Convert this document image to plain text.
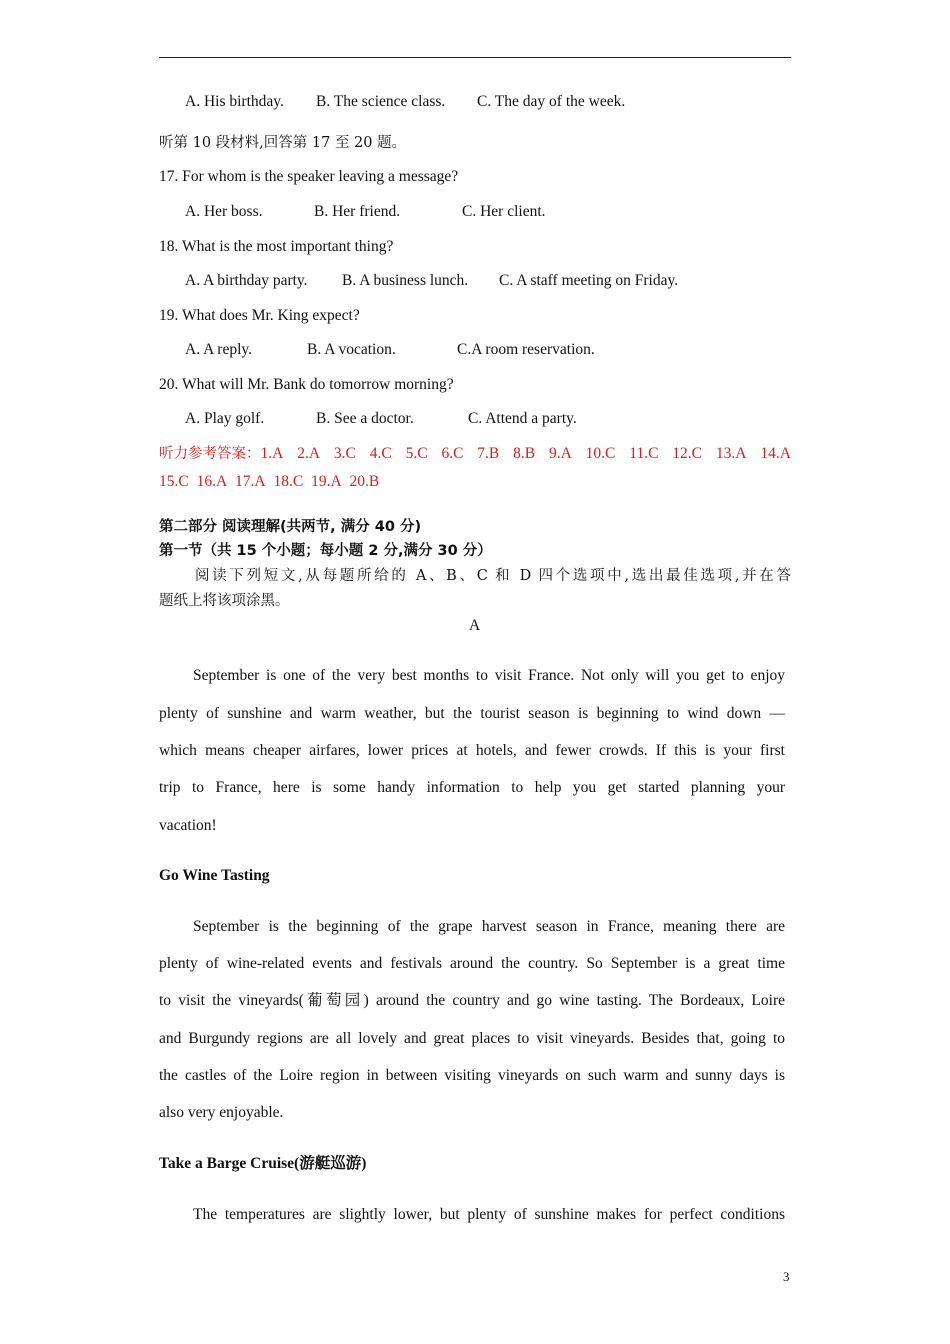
A. His birthday. B. The science class. C. The day of the week.
听第 10 段材料,回答第 17 至 20 题。
17. For whom is the speaker leaving a message?
A. Her boss.	B. Her friend.	C. Her client.
18. What is the most important thing?
A. A birthday party. B. A business lunch. C. A staff meeting on Friday.
19. What does Mr. King expect?
A. A reply.	B. A vocation.	C.A room reservation.
20. What will Mr. Bank do tomorrow morning?
A. Play golf.	B. See a doctor.	C. Attend a party.
听力参考答案：1.A 2.A 3.C 4.C 5.C 6.C 7.B 8.B 9.A 10.C 11.C 12.C 13.A 14.A
15.C 16.A 17.A 18.C 19.A 20.B
第二部分 阅读理解(共两节, 满分 40 分)
第一节（共 15 个小题；每小题 2 分,满分 30 分）
阅读下列短文,从每题所给的 A、B、C 和 D 四个选项中,选出最佳选项,并在答
题纸上将该项涂黑。
A
September is one of the very best months to visit France. Not only will you get to enjoy
plenty of sunshine and warm weather, but the tourist season is beginning to wind down —
which means cheaper airfares, lower prices at hotels, and fewer crowds. If this is your first
trip to France, here is some handy information to help you get started planning your
vacation!
Go Wine Tasting
September is the beginning of the grape harvest season in France, meaning there are
plenty of wine-related events and festivals around the country. So September is a great time
to visit the vineyards(葡萄园) around the country and go wine tasting. The Bordeaux, Loire
and Burgundy regions are all lovely and great places to visit vineyards. Besides that, going to
the castles of the Loire region in between visiting vineyards on such warm and sunny days is
also very enjoyable.
Take a Barge Cruise(游艇巡游)
The temperatures are slightly lower, but plenty of sunshine makes for perfect conditions
3
